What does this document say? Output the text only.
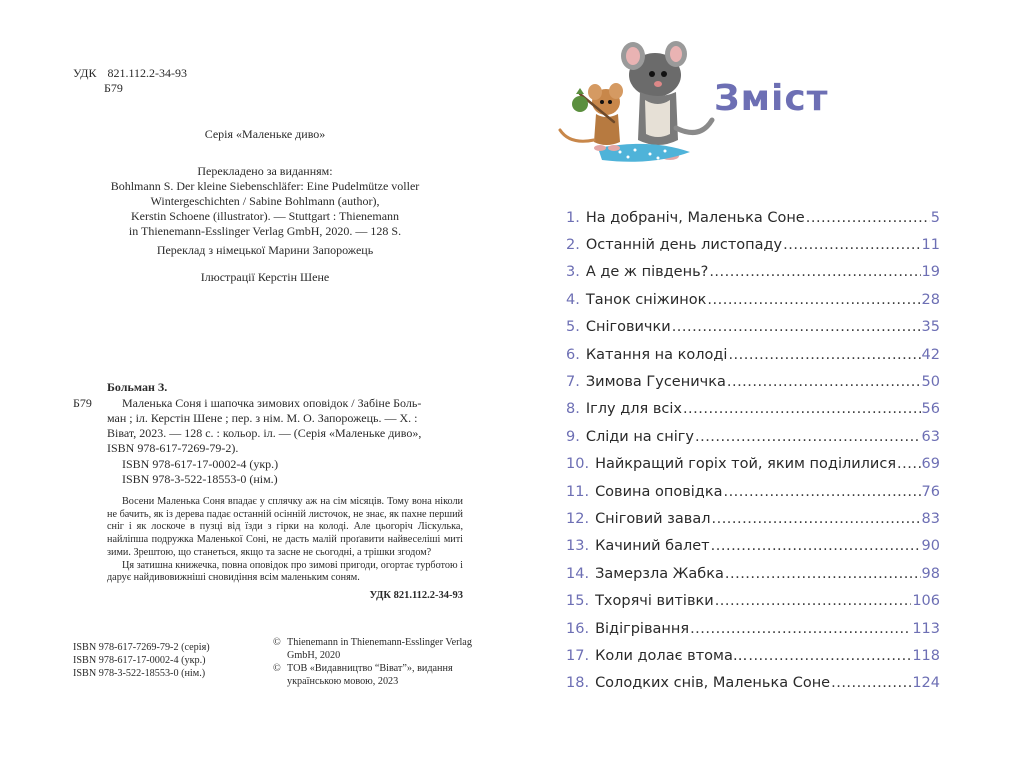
УДК 821.112.2-34-93
Б79
Серія «Маленьке диво»
Перекладено за виданням:
Bohlmann S. Der kleine Siebenschläfer: Eine Pudelmütze voller
Wintergeschichten / Sabine Bohlmann (author),
Kerstin Schoene (illustrator). — Stuttgart : Thienemann
in Thienemann-Esslinger Verlag GmbH, 2020. — 128 S.
Переклад з німецької Марини Запорожець
Ілюстрації Керстін Шене
Больман З.
Б79	Маленька Соня і шапочка зимових оповідок / Забіне Боль-
ман ; іл. Керстін Шене ; пер. з нім. М. О. Запорожець. — Х. :
Віват, 2023. — 128 с. : кольор. іл. — (Серія «Маленьке диво»,
ISBN 978-617-7269-79-2).
ISBN 978-617-17-0002-4 (укр.)
ISBN 978-3-522-18553-0 (нім.)

Восени Маленька Соня впадає у сплячку аж на сім місяців. Тому вона ніколи не бачить, як із дерева падає останній осінній листочок, не знає, як пахне перший сніг і як лоскоче в пузці від їзди з гірки на колоді. Але цьогоріч Ліскулька, найліпша подружка Маленької Соні, не дасть малій проґавити найвеселіші миті зими. Зрештою, що станеться, якщо та засне не сьогодні, а трішки згодом?

Ця затишна книжечка, повна оповідок про зимові пригоди, огортає турботою і дарує найдивовижніші сновидіння всім маленьким соням.

УДК 821.112.2-34-93
ISBN 978-617-7269-79-2 (серія)
ISBN 978-617-17-0002-4 (укр.)
ISBN 978-3-522-18553-0 (нім.)
© Thienemann in Thienemann-Esslinger Verlag GmbH, 2020
© ТОВ «Видавництво “Віват”», видання українською мовою, 2023
Зміст
1. На добраніч, Маленька Соне .....	5
2. Останній день листопаду .....	11
3. А де ж південь? .....	19
4. Танок сніжинок .....	28
5. Сніговички .....	35
6. Катання на колоді .....	42
7. Зимова Гусеничка .....	50
8. Іглу для всіх .....	56
9. Сліди на снігу .....	63
10. Найкращий горіх той, яким поділилися ..... 69
11. Совина оповідка .....	76
12. Сніговий завал .....	83
13. Качиний балет .....	90
14. Замерзла Жабка .....	98
15. Тхорячі витівки .....	106
16. Відігрівання .....	113
17. Коли долає втома… .....	118
18. Солодких снів, Маленька Соне .....	124
